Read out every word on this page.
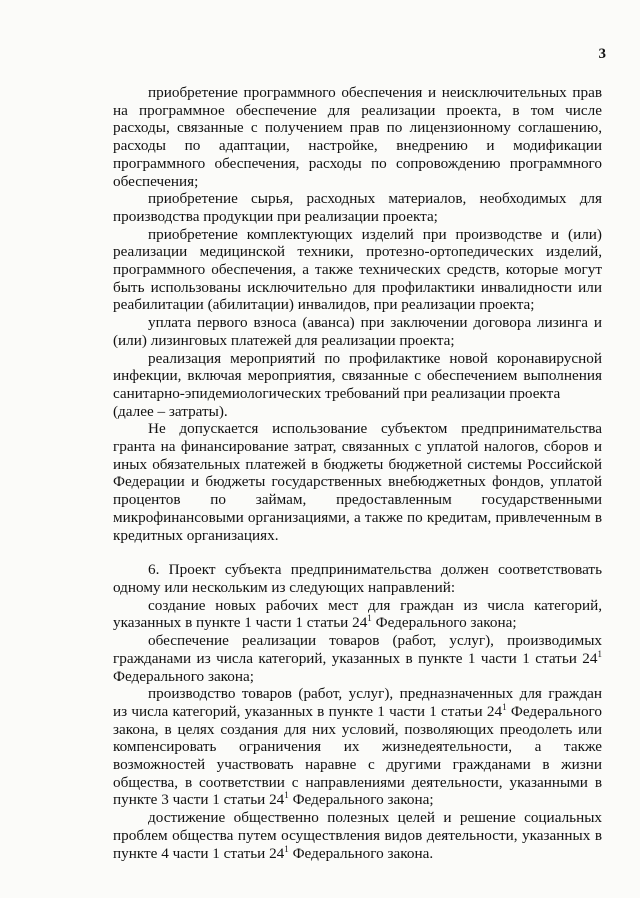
3

приобретение программного обеспечения и неисключительных прав на программное обеспечение для реализации проекта, в том числе расходы, связанные с получением прав по лицензионному соглашению, расходы по адаптации, настройке, внедрению и модификации программного обеспечения, расходы по сопровождению программного обеспечения;

приобретение сырья, расходных материалов, необходимых для производства продукции при реализации проекта;

приобретение комплектующих изделий при производстве и (или) реализации медицинской техники, протезно-ортопедических изделий, программного обеспечения, а также технических средств, которые могут быть использованы исключительно для профилактики инвалидности или реабилитации (абилитации) инвалидов, при реализации проекта;

уплата первого взноса (аванса) при заключении договора лизинга и (или) лизинговых платежей для реализации проекта;

реализация мероприятий по профилактике новой коронавирусной инфекции, включая мероприятия, связанные с обеспечением выполнения санитарно-эпидемиологических требований при реализации проекта

(далее – затраты).

Не допускается использование субъектом предпринимательства гранта на финансирование затрат, связанных с уплатой налогов, сборов и иных обязательных платежей в бюджеты бюджетной системы Российской Федерации и бюджеты государственных внебюджетных фондов, уплатой процентов по займам, предоставленным государственными микрофинансовыми организациями, а также по кредитам, привлеченным в кредитных организациях.

6. Проект субъекта предпринимательства должен соответствовать одному или нескольким из следующих направлений:

создание новых рабочих мест для граждан из числа категорий, указанных в пункте 1 части 1 статьи $24^1$ Федерального закона;

обеспечение реализации товаров (работ, услуг), производимых гражданами из числа категорий, указанных в пункте 1 части 1 статьи $24^1$ Федерального закона;

производство товаров (работ, услуг), предназначенных для граждан из числа категорий, указанных в пункте 1 части 1 статьи $24^1$ Федерального закона, в целях создания для них условий, позволяющих преодолеть или компенсировать ограничения их жизнедеятельности, а также возможностей участвовать наравне с другими гражданами в жизни общества, в соответствии с направлениями деятельности, указанными в пункте 3 части 1 статьи $24^1$ Федерального закона;

достижение общественно полезных целей и решение социальных проблем общества путем осуществления видов деятельности, указанных в пункте 4 части 1 статьи $24^1$ Федерального закона.
